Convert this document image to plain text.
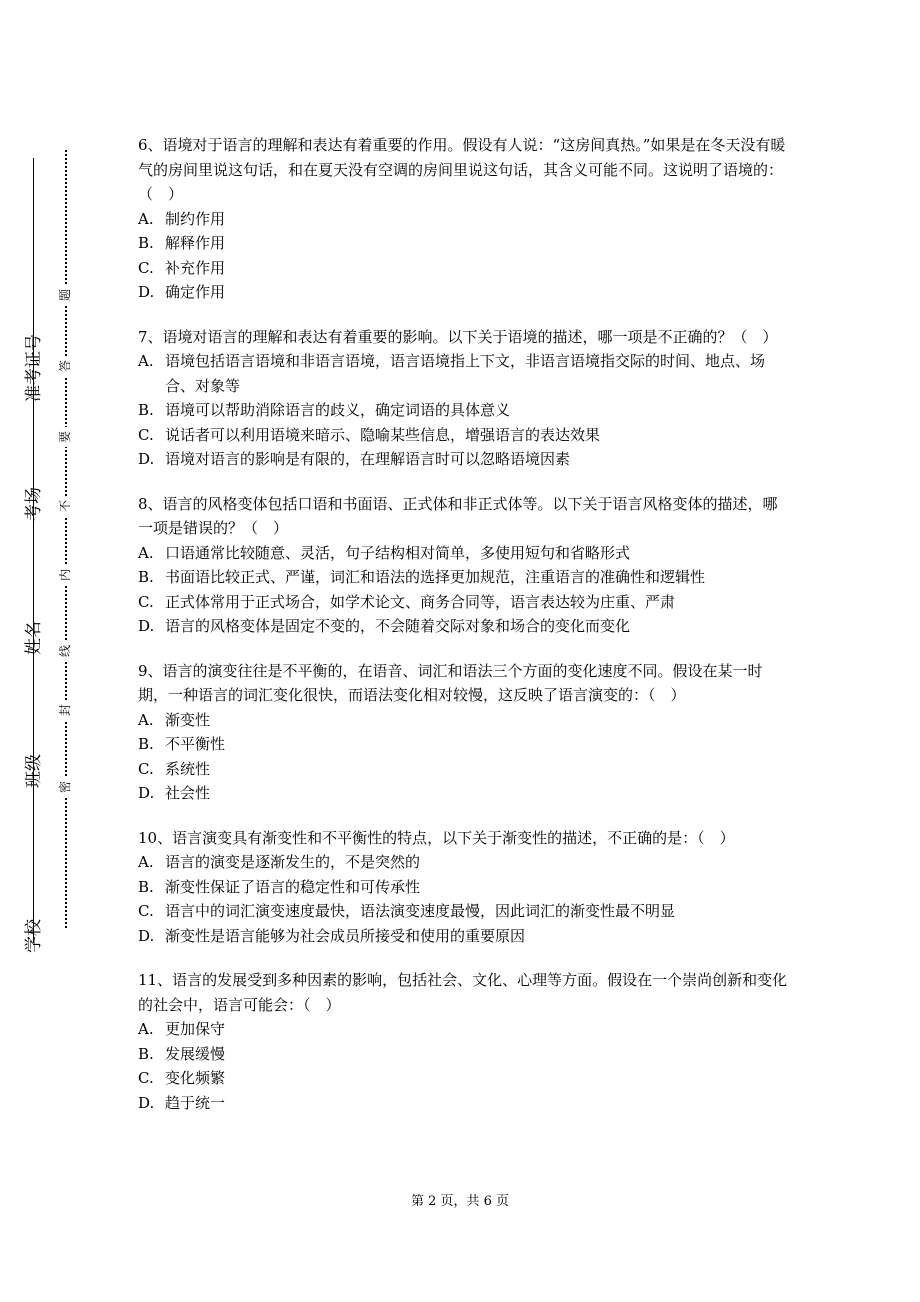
学校
班级
姓名
考场
准考证号
密
封
线
内
不
要
答
题

6、语境对于语言的理解和表达有着重要的作用。假设有人说：“这房间真热。”如果是在冬天没有暖气的房间里说这句话，和在夏天没有空调的房间里说这句话，其含义可能不同。这说明了语境的：（　）

A. 制约作用
B. 解释作用
C. 补充作用
D. 确定作用

7、语境对语言的理解和表达有着重要的影响。以下关于语境的描述，哪一项是不正确的？（　）

A. 语境包括语言语境和非语言语境，语言语境指上下文，非语言语境指交际的时间、地点、场合、对象等
B. 语境可以帮助消除语言的歧义，确定词语的具体意义
C. 说话者可以利用语境来暗示、隐喻某些信息，增强语言的表达效果
D. 语境对语言的影响是有限的，在理解语言时可以忽略语境因素

8、语言的风格变体包括口语和书面语、正式体和非正式体等。以下关于语言风格变体的描述，哪一项是错误的？（　）

A. 口语通常比较随意、灵活，句子结构相对简单，多使用短句和省略形式
B. 书面语比较正式、严谨，词汇和语法的选择更加规范，注重语言的准确性和逻辑性
C. 正式体常用于正式场合，如学术论文、商务合同等，语言表达较为庄重、严肃
D. 语言的风格变体是固定不变的，不会随着交际对象和场合的变化而变化

9、语言的演变往往是不平衡的，在语音、词汇和语法三个方面的变化速度不同。假设在某一时期，一种语言的词汇变化很快，而语法变化相对较慢，这反映了语言演变的：（　）

A. 渐变性
B. 不平衡性
C. 系统性
D. 社会性

10、语言演变具有渐变性和不平衡性的特点，以下关于渐变性的描述，不正确的是：（　）

A. 语言的演变是逐渐发生的，不是突然的
B. 渐变性保证了语言的稳定性和可传承性
C. 语言中的词汇演变速度最快，语法演变速度最慢，因此词汇的渐变性最不明显
D. 渐变性是语言能够为社会成员所接受和使用的重要原因

11、语言的发展受到多种因素的影响，包括社会、文化、心理等方面。假设在一个崇尚创新和变化的社会中，语言可能会：（　）

A. 更加保守
B. 发展缓慢
C. 变化频繁
D. 趋于统一
第 2 页，共 6 页
